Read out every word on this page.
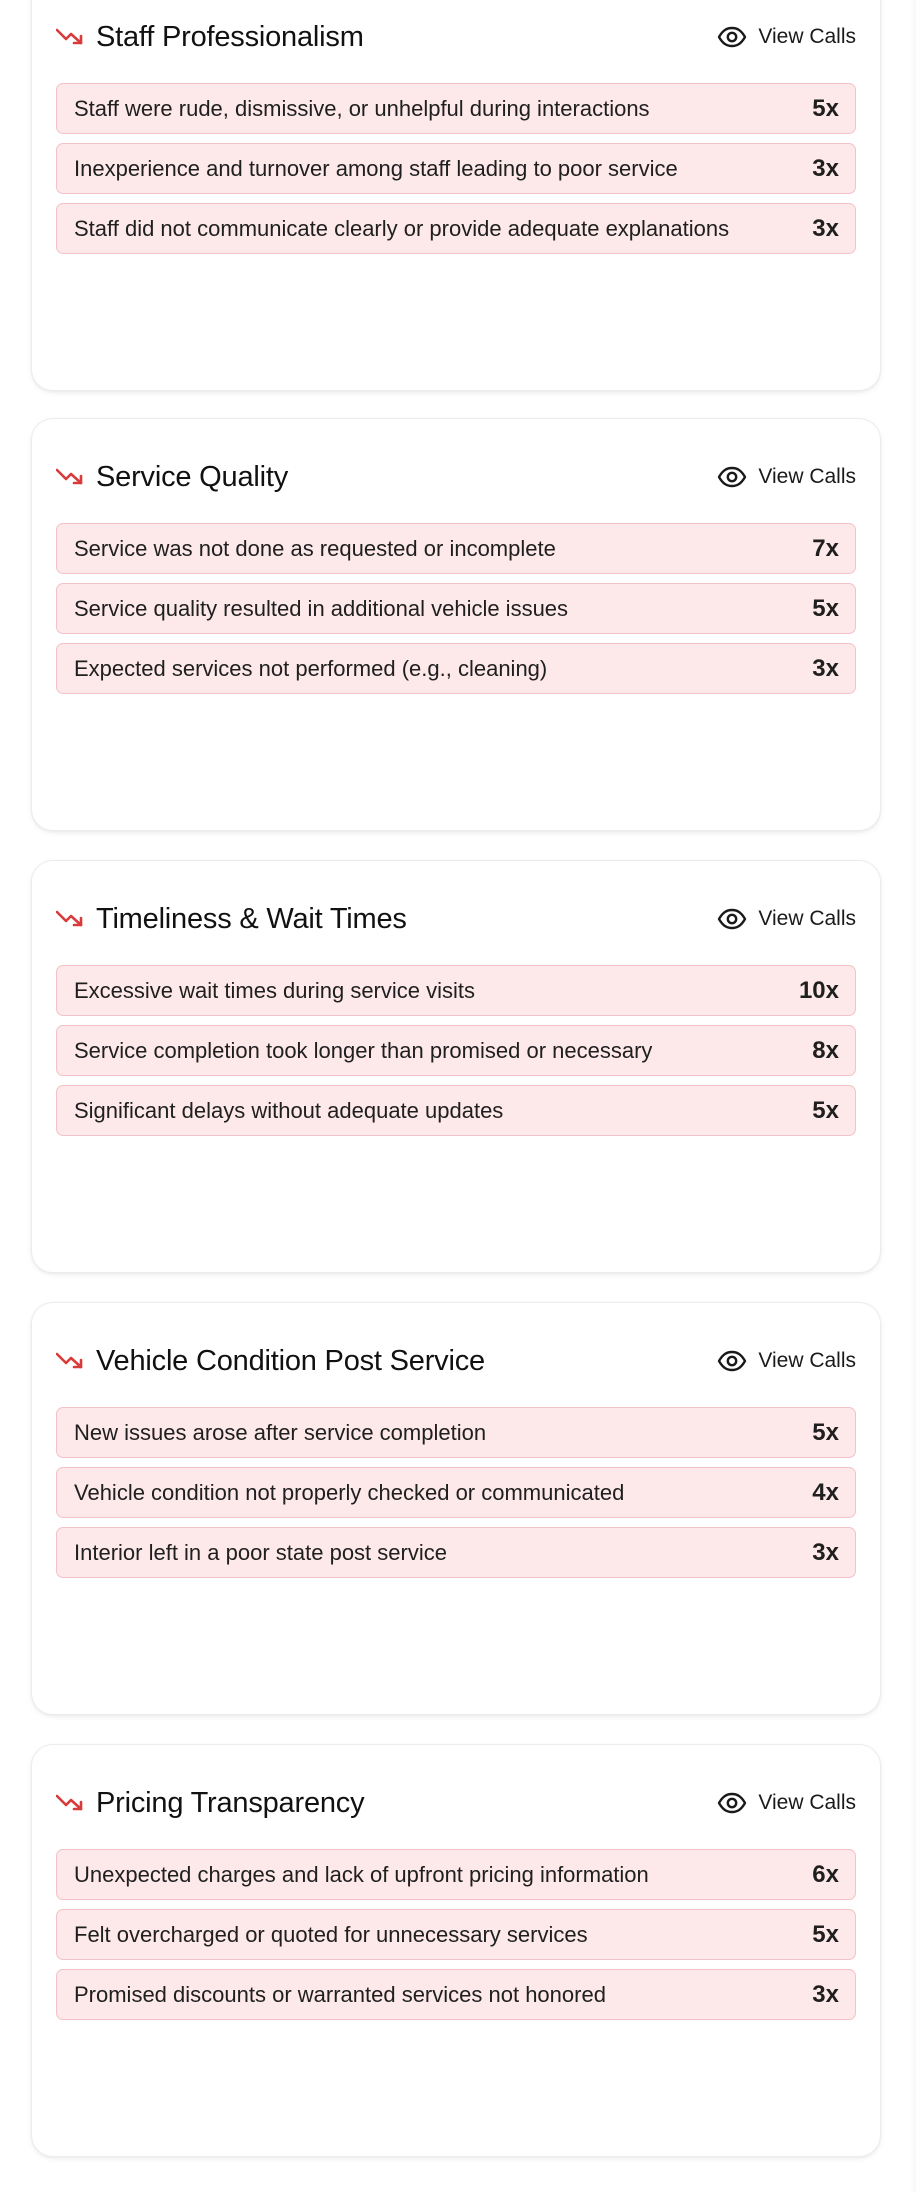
Staff Professionalism	View Calls
Staff were rude, dismissive, or unhelpful during interactions	5x
Inexperience and turnover among staff leading to poor service	3x
Staff did not communicate clearly or provide adequate explanations	3x
Service Quality	View Calls
Service was not done as requested or incomplete	7x
Service quality resulted in additional vehicle issues	5x
Expected services not performed (e.g., cleaning)	3x
Timeliness & Wait Times	View Calls
Excessive wait times during service visits	10x
Service completion took longer than promised or necessary	8x
Significant delays without adequate updates	5x
Vehicle Condition Post Service	View Calls
New issues arose after service completion	5x
Vehicle condition not properly checked or communicated	4x
Interior left in a poor state post service	3x
Pricing Transparency	View Calls
Unexpected charges and lack of upfront pricing information	6x
Felt overcharged or quoted for unnecessary services	5x
Promised discounts or warranted services not honored	3x
